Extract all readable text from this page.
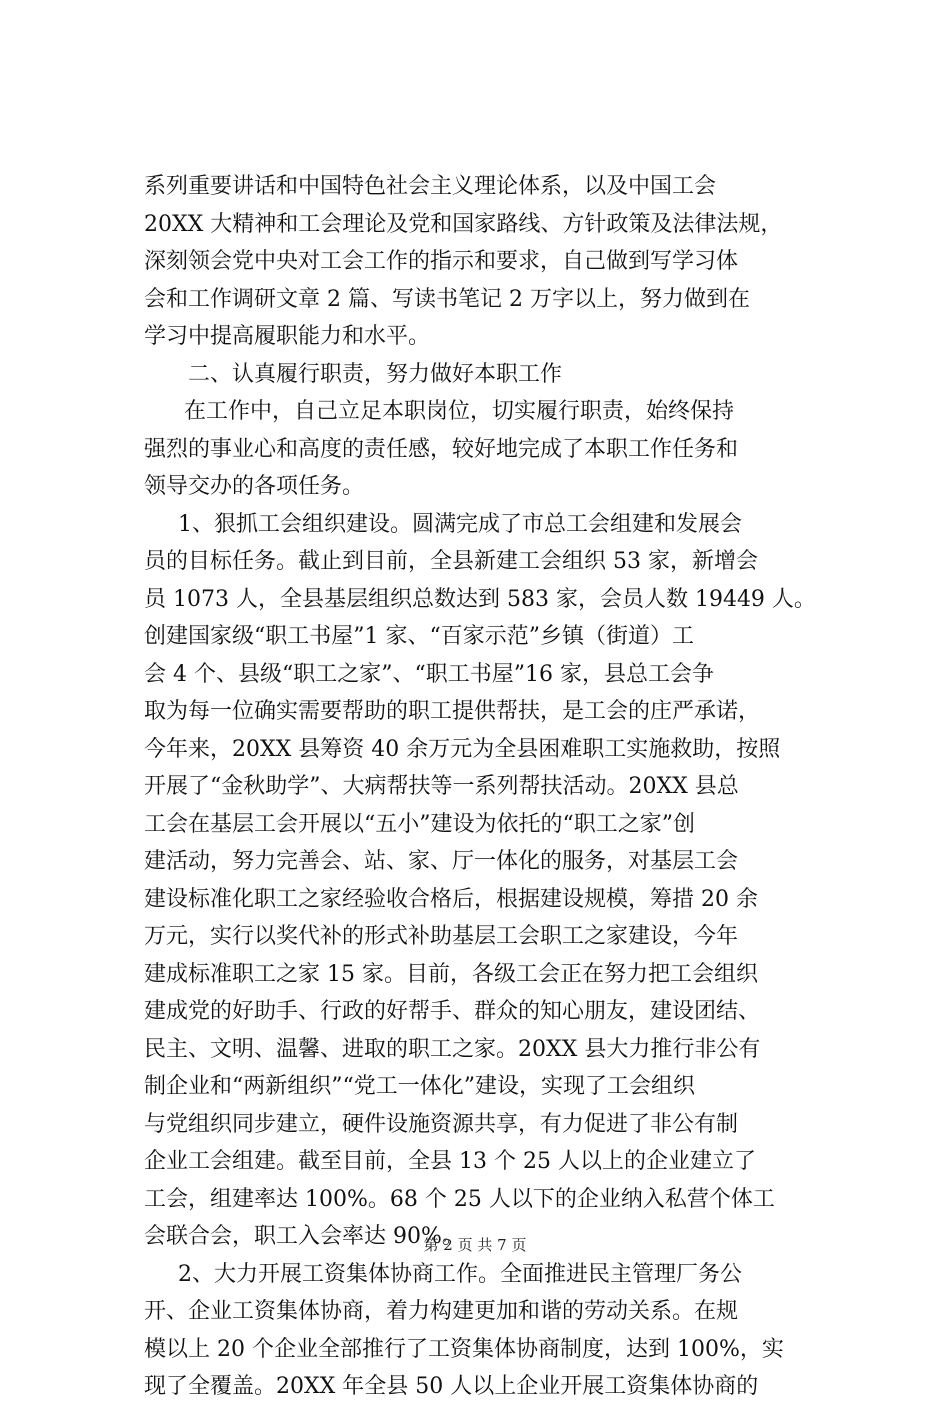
系列重要讲话和中国特色社会主义理论体系，以及中国工会
20XX 大精神和工会理论及党和国家路线、方针政策及法律法规，
深刻领会党中央对工会工作的指示和要求，自己做到写学习体
会和工作调研文章 2 篇、写读书笔记 2 万字以上，努力做到在
学习中提高履职能力和水平。
二、认真履行职责，努力做好本职工作
在工作中，自己立足本职岗位，切实履行职责，始终保持
强烈的事业心和高度的责任感，较好地完成了本职工作任务和
领导交办的各项任务。
1、狠抓工会组织建设。圆满完成了市总工会组建和发展会
员的目标任务。截止到目前，全县新建工会组织 53 家，新增会
员 1073 人，全县基层组织总数达到 583 家，会员人数 19449 人。
创建国家级“职工书屋”1 家、“百家示范”乡镇（街道）工
会 4 个、县级“职工之家”、“职工书屋”16 家，县总工会争
取为每一位确实需要帮助的职工提供帮扶，是工会的庄严承诺，
今年来，20XX 县筹资 40 余万元为全县困难职工实施救助，按照
开展了“金秋助学”、大病帮扶等一系列帮扶活动。20XX 县总
工会在基层工会开展以“五小”建设为依托的“职工之家”创
建活动，努力完善会、站、家、厅一体化的服务，对基层工会
建设标准化职工之家经验收合格后，根据建设规模，筹措 20 余
万元，实行以奖代补的形式补助基层工会职工之家建设，今年
建成标准职工之家 15 家。目前，各级工会正在努力把工会组织
建成党的好助手、行政的好帮手、群众的知心朋友，建设团结、
民主、文明、温馨、进取的职工之家。20XX 县大力推行非公有
制企业和“两新组织”“党工一体化”建设，实现了工会组织
与党组织同步建立，硬件设施资源共享，有力促进了非公有制
企业工会组建。截至目前，全县 13 个 25 人以上的企业建立了
工会，组建率达 100%。68 个 25 人以下的企业纳入私营个体工
会联合会，职工入会率达 90%。
2、大力开展工资集体协商工作。全面推进民主管理厂务公
开、企业工资集体协商，着力构建更加和谐的劳动关系。在规
模以上 20 个企业全部推行了工资集体协商制度，达到 100%，实
现了全覆盖。20XX 年全县 50 人以上企业开展工资集体协商的
第 2 页 共 7 页
